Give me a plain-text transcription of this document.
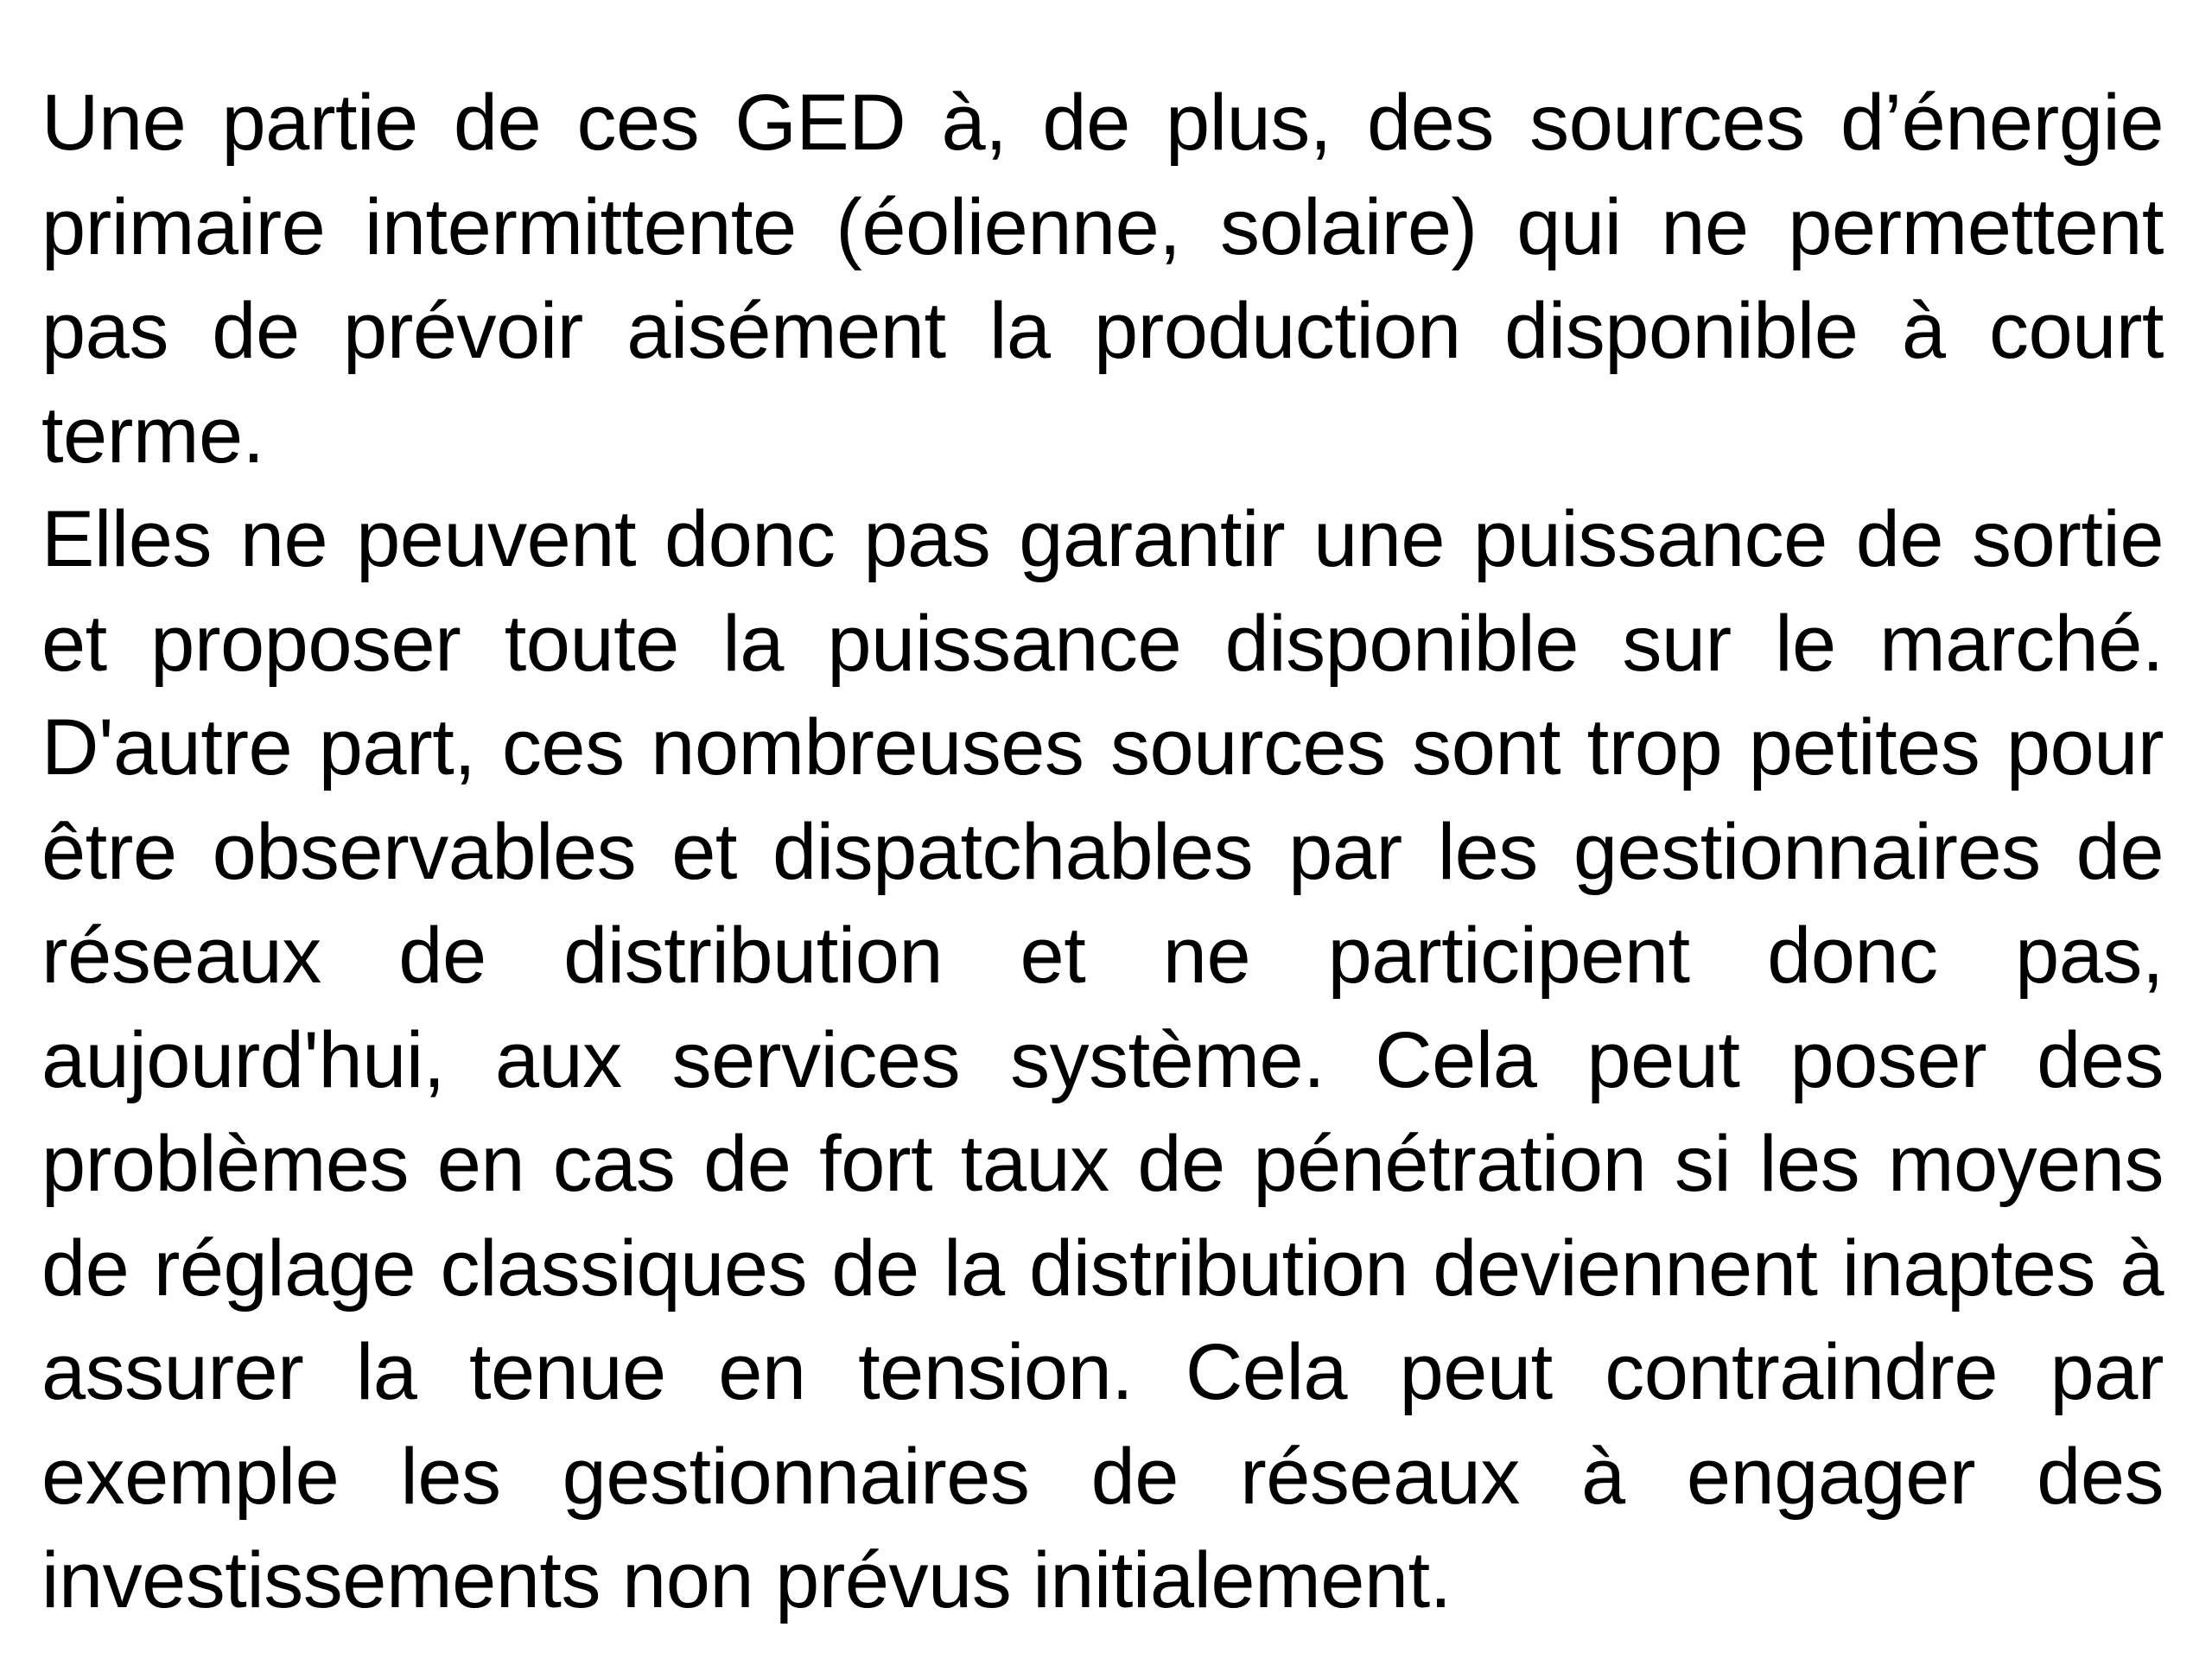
Une partie de ces GED à, de plus, des sources d’énergie primaire intermittente (éolienne, solaire) qui ne permettent pas de prévoir aisément la production disponible à court terme.

Elles ne peuvent donc pas garantir une puissance de sortie et proposer toute la puissance disponible sur le marché. D'autre part, ces nombreuses sources sont trop petites pour être observables et dispatchables par les gestionnaires de réseaux de distribution et ne participent donc pas, aujourd'hui, aux services système. Cela peut poser des problèmes en cas de fort taux de pénétration si les moyens de réglage classiques de la distribution deviennent inaptes à assurer la tenue en tension. Cela peut contraindre par exemple les gestionnaires de réseaux à engager des investissements non prévus initialement.
